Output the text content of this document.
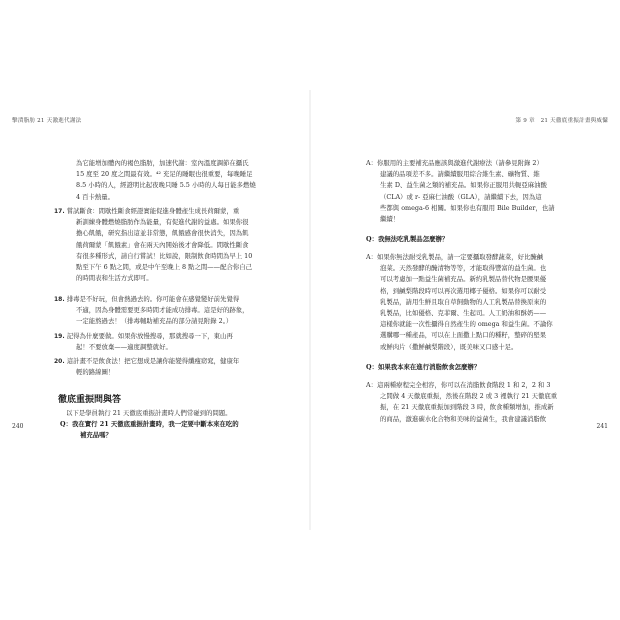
擊潰脂肪 21 天激進代謝法

為它能增加體內的褐色脂肪，加速代謝：室內溫度調節在攝氏

15 度至 20 度之間最有效。⁴² 充足的睡眠也很重要，每晚睡足

8.5 小時的人，經證明比起夜晚只睡 5.5 小時的人每日能多燃燒

4 百卡熱量。

17. 嘗試斷食：間歇性斷食經證實能促進身體產生成長荷爾蒙，重

新訓練身體燃燒脂肪作為能量，有促進代謝的益處。如果你很

擔心飢餓，研究指出這並非常態，飢餓感會很快消失，因為飢

餓荷爾蒙「飢餓素」會在兩天內開始後才會降低。間歇性斷食

有很多種形式，請自行嘗試！比如說，限制飲食時間為早上 10

點至下午 6 點之間，或是中午至晚上 8 點之間——配合你自己

的時間表和生活方式即可。

18. 排毒是不好玩，但會熱過去的。你可能會在感覺變好前先覺得

不適，因為身體需要更多時間才能成功排毒。這是好的跡象，

一定能熬過去！（排毒輔助補充品的部分請見附錄 2。）

19. 記得為什麼要做。如果你放慢搜尋，那就搜尋一下，東山再

起！不要放棄——適度調整就好。

20. 這計畫不是飲食法！把它想成是讓你能變得纖瘦窈窕，健康年

輕的路線圖！

徹底重振問與答

以下是學員執行 21 天徹底重振計畫時人們常碰到的問題。

Q：我在實行 21 天徹底重振計畫時，我一定要中斷本來在吃的

補充品嗎？

240
第 9 章　21 天徹底重振計畫與威懾

A：你服用的主要補充品應該與激進代謝療法（請參見附錄 2）

建議的品項差不多。請繼續服用綜合維生素、礦物質、維

生素 D、益生菌之類的補充品。如果你正服用共軛亞麻油酸

（CLA）或 r- 亞麻仁油酸（GLA），請繼續下去，因為這

些都與 omega-6 相關。如果你也有服用 Bile Builder，也請

繼續！

Q：我無法吃乳製品怎麼辦？

A：如果你無法耐受乳製品，請一定要攝取發酵蔬菜，好比醃鹹

泡菜。天然發酵的醃清物等等，才能取得豐富的益生菌。也

可以考慮加一點益生菌補充品。新約乳製品替代物是腰果優

格，到鹹梨階段時可以再次選用椰子優格。如果你可以耐受

乳製品，請用生鮮且取自草飼動物的人工乳製品替換原來的

乳製品，比如優格、克菲爾、生起司。人工奶油和酥奶——

這樣你就能一次性攝得自然產生的 omega 和益生菌。不論你

選購哪一種產品，可以在上面撒上點口的種籽，整碎的堅果

或鮮肉片（撒鮮鹹梨階段），既美味又口感十足。

Q：如果我本來在進行消脂飲食怎麼辦？

A：這兩種療程完全相容，你可以在消脂飲食階段 1 和 2，2 和 3

之間做 4 天徹底重振，然後在階段 2 或 3 裡執行 21 天徹底重

振，在 21 天徹底重振加到階段 3 時，飲食種類增加，推成新

的商品，激進碳水化合物和美味的益菌生，我會建議消脂飲

241
